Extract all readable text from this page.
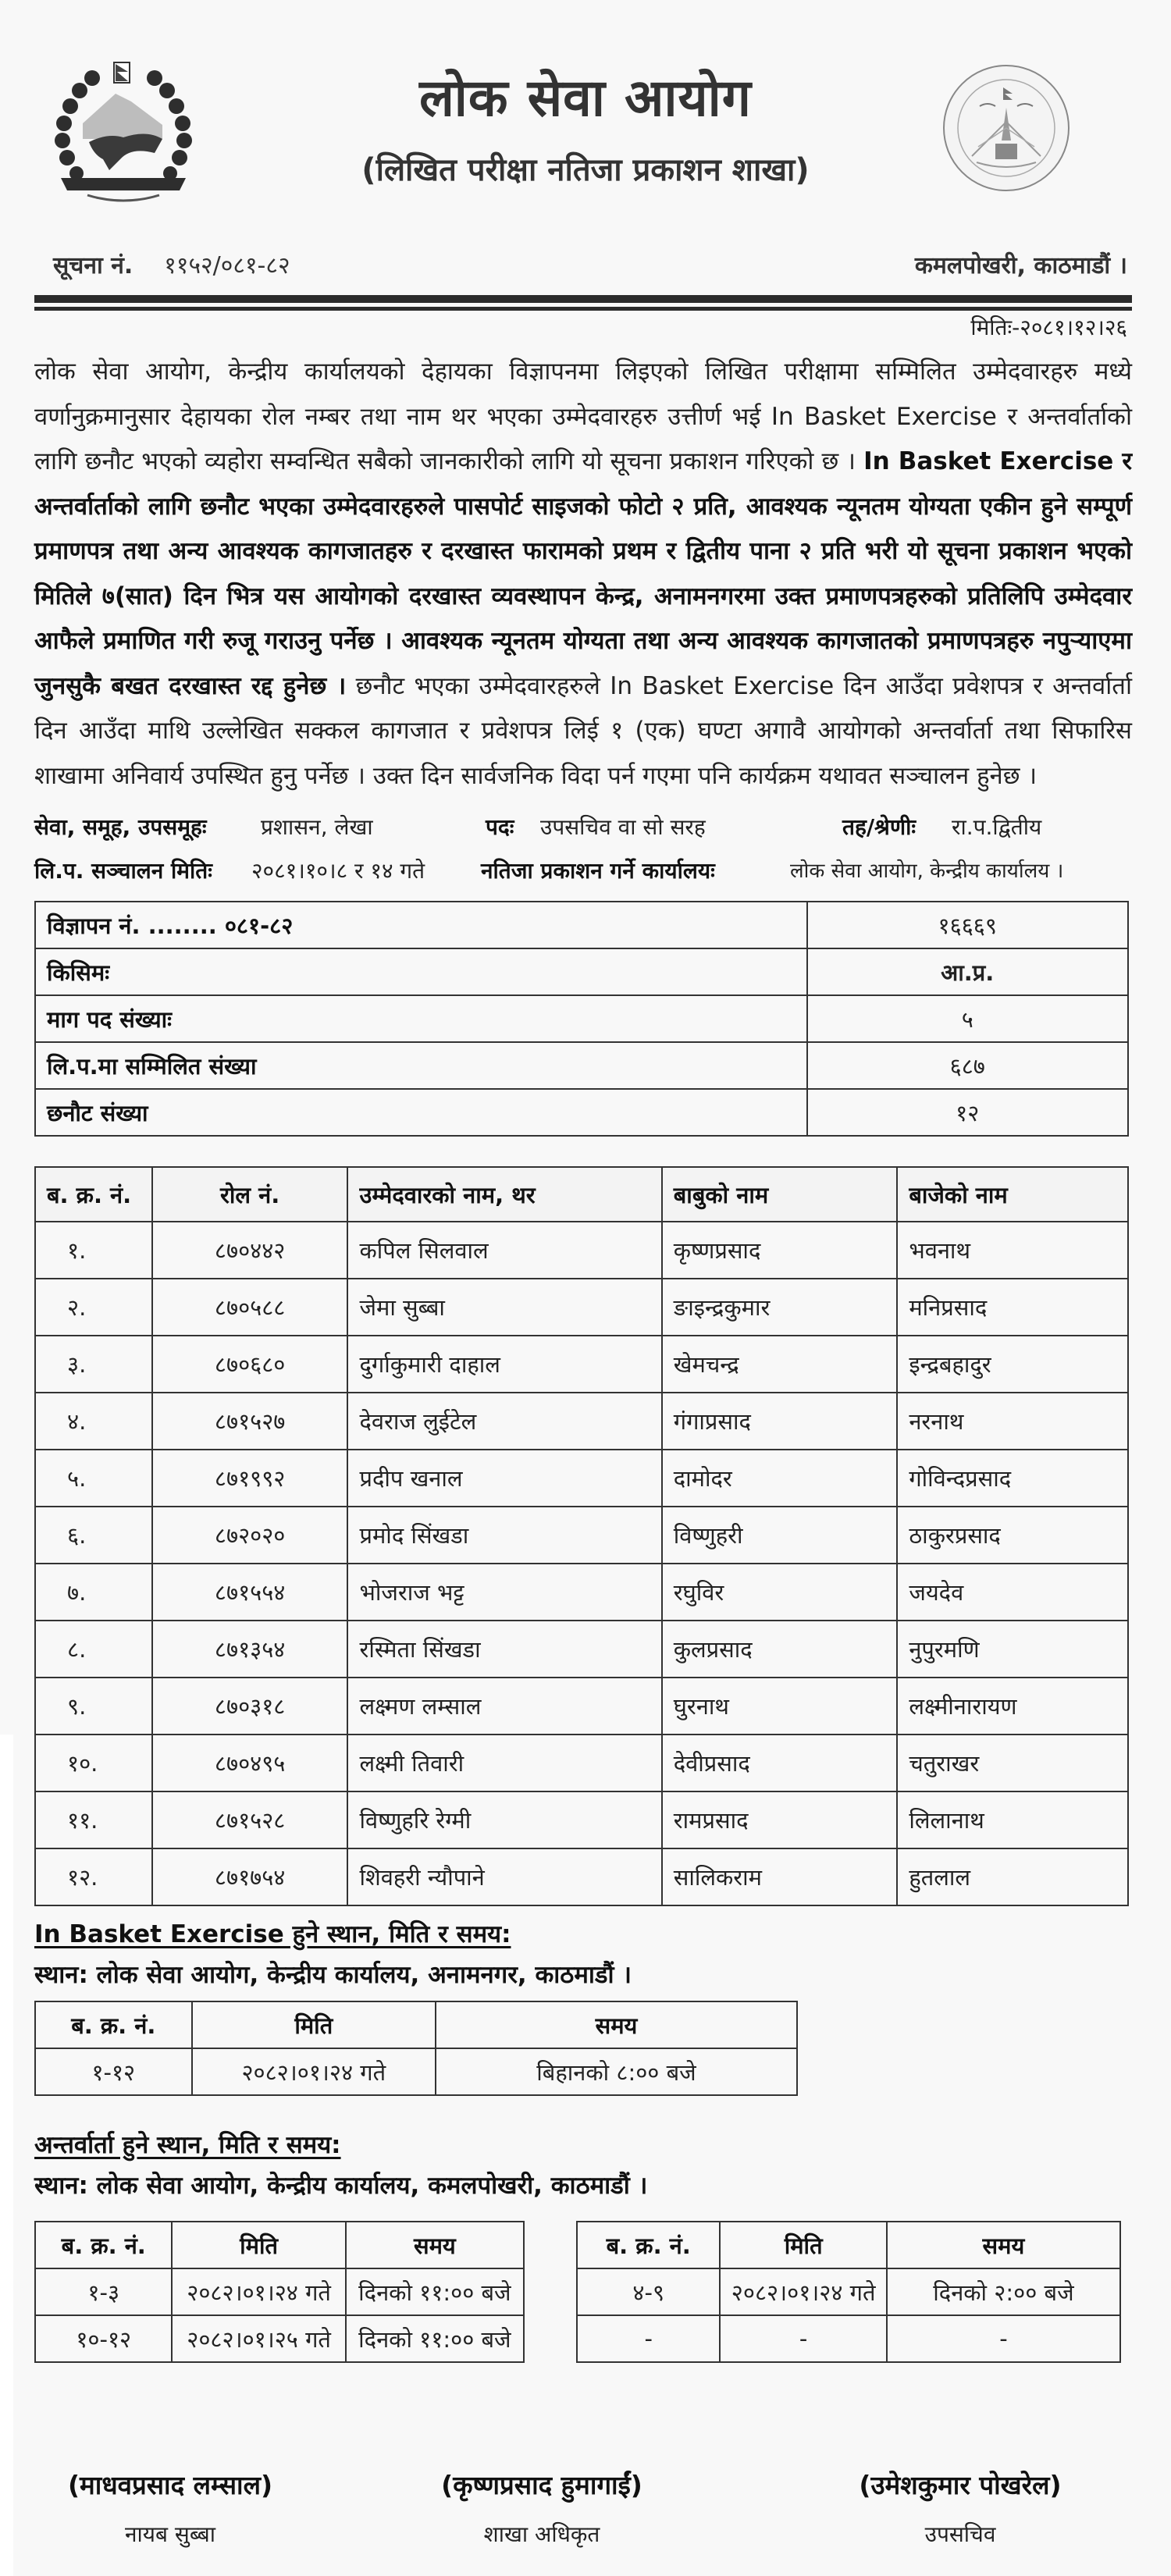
लोक सेवा आयोग
(लिखित परीक्षा नतिजा प्रकाशन शाखा)
सूचना नं. ११५२/०८१-८२	कमलपोखरी, काठमाडौं ।
मितिः-२०८१।१२।२६
लोक सेवा आयोग, केन्द्रीय कार्यालयको देहायका विज्ञापनमा लिइएको लिखित परीक्षामा सम्मिलित उम्मेदवारहरु मध्ये वर्णानुक्रमानुसार देहायका रोल नम्बर तथा नाम थर भएका उम्मेदवारहरु उत्तीर्ण भई In Basket Exercise र अन्तर्वार्ताको लागि छनौट भएको व्यहोरा सम्वन्धित सबैको जानकारीको लागि यो सूचना प्रकाशन गरिएको छ । In Basket Exercise र अन्तर्वार्ताको लागि छनौट भएका उम्मेदवारहरुले पासपोर्ट साइजको फोटो २ प्रति, आवश्यक न्यूनतम योग्यता एकीन हुने सम्पूर्ण प्रमाणपत्र तथा अन्य आवश्यक कागजातहरु र दरखास्त फारामको प्रथम र द्वितीय पाना २ प्रति भरी यो सूचना प्रकाशन भएको मितिले ७(सात) दिन भित्र यस आयोगको दरखास्त व्यवस्थापन केन्द्र, अनामनगरमा उक्त प्रमाणपत्रहरुको प्रतिलिपि उम्मेदवार आफैले प्रमाणित गरी रुजू गराउनु पर्नेछ । आवश्यक न्यूनतम योग्यता तथा अन्य आवश्यक कागजातको प्रमाणपत्रहरु नपुऱ्याएमा जुनसुकै बखत दरखास्त रद्द हुनेछ । छनौट भएका उम्मेदवारहरुले In Basket Exercise दिन आउँदा प्रवेशपत्र र अन्तर्वार्ता दिन आउँदा माथि उल्लेखित सक्कल कागजात र प्रवेशपत्र लिई १ (एक) घण्टा अगावै आयोगको अन्तर्वार्ता तथा सिफारिस शाखामा अनिवार्य उपस्थित हुनु पर्नेछ । उक्त दिन सार्वजनिक विदा पर्न गएमा पनि कार्यक्रम यथावत सञ्चालन हुनेछ ।
सेवा, समूह, उपसमूहः प्रशासन, लेखा	पदः उपसचिव वा सो सरह	तह/श्रेणीः रा.प.द्वितीय
लि.प. सञ्चालन मितिः २०८१।१०।८ र १४ गते	नतिजा प्रकाशन गर्ने कार्यालयः	लोक सेवा आयोग, केन्द्रीय कार्यालय ।
विज्ञापन नं. ........ ०८१-८२	१६६६९
किसिमः	आ.प्र.
माग पद संख्याः	५
लि.प.मा सम्मिलित संख्या	६८७
छनौट संख्या	१२
ब. क्र. नं.	रोल नं.	उम्मेदवारको नाम, थर	बाबुको नाम	बाजेको नाम
१.	८७०४४२	कपिल सिलवाल	कृष्णप्रसाद	भवनाथ
२.	८७०५८८	जेमा सुब्बा	ङाइन्द्रकुमार	मनिप्रसाद
३.	८७०६८०	दुर्गाकुमारी दाहाल	खेमचन्द्र	इन्द्रबहादुर
४.	८७१५२७	देवराज लुईटेल	गंगाप्रसाद	नरनाथ
५.	८७१९९२	प्रदीप खनाल	दामोदर	गोविन्दप्रसाद
६.	८७२०२०	प्रमोद सिंखडा	विष्णुहरी	ठाकुरप्रसाद
७.	८७१५५४	भोजराज भट्ट	रघुविर	जयदेव
८.	८७१३५४	रस्मिता सिंखडा	कुलप्रसाद	नुपुरमणि
९.	८७०३१८	लक्ष्मण लम्साल	घुरनाथ	लक्ष्मीनारायण
१०.	८७०४९५	लक्ष्मी तिवारी	देवीप्रसाद	चतुराखर
११.	८७१५२८	विष्णुहरि रेग्मी	रामप्रसाद	लिलानाथ
१२.	८७१७५४	शिवहरी न्यौपाने	सालिकराम	हुतलाल
In Basket Exercise हुने स्थान, मिति र समय:
स्थान: लोक सेवा आयोग, केन्द्रीय कार्यालय, अनामनगर, काठमाडौं ।
ब. क्र. नं.	मिति	समय
१-१२	२०८२।०१।२४ गते	बिहानको ८:०० बजे
अन्तर्वार्ता हुने स्थान, मिति र समय:
स्थान: लोक सेवा आयोग, केन्द्रीय कार्यालय, कमलपोखरी, काठमाडौं ।
ब. क्र. नं.	मिति	समय
१-३	२०८२।०१।२४ गते	दिनको ११:०० बजे
१०-१२	२०८२।०१।२५ गते	दिनको ११:०० बजे
ब. क्र. नं.	मिति	समय
४-९	२०८२।०१।२४ गते	दिनको २:०० बजे
-	-	-
(माधवप्रसाद लम्साल)
नायब सुब्बा
(कृष्णप्रसाद हुमागाईं)
शाखा अधिकृत
(उमेशकुमार पोखरेल)
उपसचिव
